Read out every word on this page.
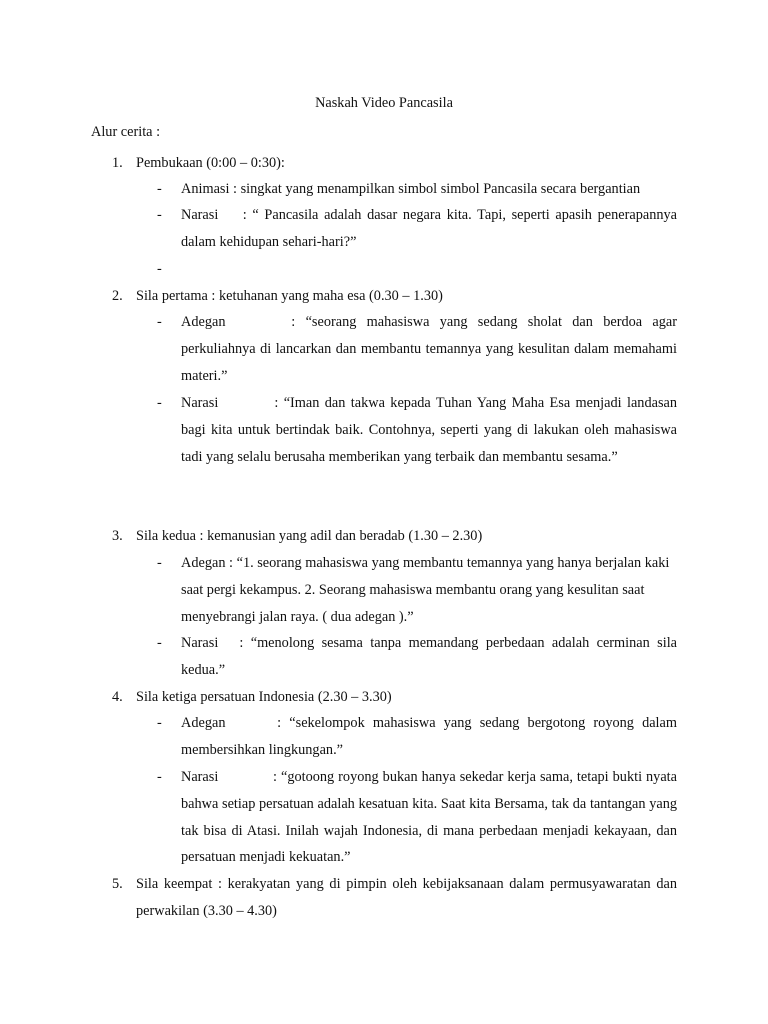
Naskah Video Pancasila
Alur cerita :
1. Pembukaan (0:00 – 0:30):
- Animasi : singkat yang menampilkan simbol simbol Pancasila secara bergantian
- Narasi : “ Pancasila adalah dasar negara kita. Tapi, seperti apasih penerapannya dalam kehidupan sehari-hari?”
-
2. Sila pertama : ketuhanan yang maha esa (0.30 – 1.30)
- Adegan	: “seorang mahasiswa yang sedang sholat dan berdoa agar perkuliahnya di lancarkan dan membantu temannya yang kesulitan dalam memahami materi.”
- Narasi	: “Iman dan takwa kepada Tuhan Yang Maha Esa menjadi landasan bagi kita untuk bertindak baik. Contohnya, seperti yang di lakukan oleh mahasiswa tadi yang selalu berusaha memberikan yang terbaik dan membantu sesama.”
3. Sila kedua : kemanusian yang adil dan beradab (1.30 – 2.30)
- Adegan : “1. seorang mahasiswa yang membantu temannya yang hanya berjalan kaki saat pergi kekampus. 2. Seorang mahasiswa membantu orang yang kesulitan saat menyebrangi jalan raya. ( dua adegan ).”
- Narasi : “menolong sesama tanpa memandang perbedaan adalah cerminan sila kedua.”
4. Sila ketiga persatuan Indonesia (2.30 – 3.30)
- Adegan	: “sekelompok mahasiswa yang sedang bergotong royong dalam membersihkan lingkungan.”
- Narasi	: “gotoong royong bukan hanya sekedar kerja sama, tetapi bukti nyata bahwa setiap persatuan adalah kesatuan kita. Saat kita Bersama, tak da tantangan yang tak bisa di Atasi. Inilah wajah Indonesia, di mana perbedaan menjadi kekayaan, dan persatuan menjadi kekuatan.”
5. Sila keempat : kerakyatan yang di pimpin oleh kebijaksanaan dalam permusyawaratan dan perwakilan (3.30 – 4.30)
